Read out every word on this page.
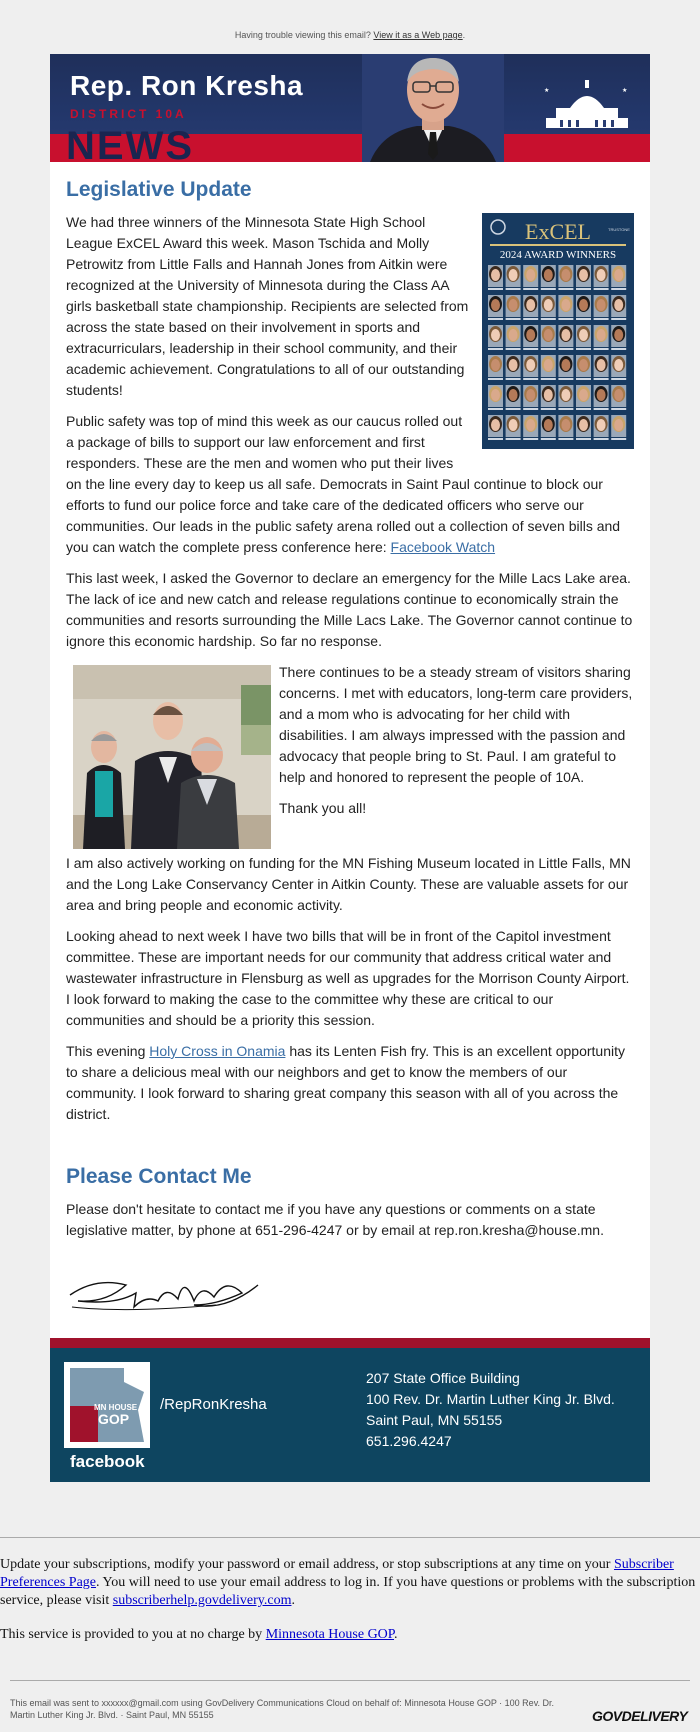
Having trouble viewing this email? View it as a Web page.
Rep. Ron Kresha
DISTRICT 10A
NEWS
★	★
Legislative Update
ExCEL	TRUSTONE
2024 AWARD WINNERS

We had three winners of the Minnesota State High School League ExCEL Award this week. Mason Tschida and Molly Petrowitz from Little Falls and Hannah Jones from Aitkin were recognized at the University of Minnesota during the Class AA girls basketball state championship. Recipients are selected from across the state based on their involvement in sports and extracurriculars, leadership in their school community, and their academic achievement. Congratulations to all of our outstanding students!

Public safety was top of mind this week as our caucus rolled out a package of bills to support our law enforcement and first responders. These are the men and women who put their lives on the line every day to keep us all safe. Democrats in Saint Paul continue to block our efforts to fund our police force and take care of the dedicated officers who serve our communities. Our leads in the public safety arena rolled out a collection of seven bills and you can watch the complete press conference here: Facebook Watch

This last week, I asked the Governor to declare an emergency for the Mille Lacs Lake area. The lack of ice and new catch and release regulations continue to economically strain the communities and resorts surrounding the Mille Lacs Lake. The Governor cannot continue to ignore this economic hardship. So far no response.

There continues to be a steady stream of visitors sharing concerns. I met with educators, long-term care providers, and a mom who is advocating for her child with disabilities. I am always impressed with the passion and advocacy that people bring to St. Paul. I am grateful to help and honored to represent the people of 10A.

Thank you all!

I am also actively working on funding for the MN Fishing Museum located in Little Falls, MN and the Long Lake Conservancy Center in Aitkin County. These are valuable assets for our area and bring people and economic activity.

Looking ahead to next week I have two bills that will be in front of the Capitol investment committee. These are important needs for our community that address critical water and wastewater infrastructure in Flensburg as well as upgrades for the Morrison County Airport. I look forward to making the case to the committee why these are critical to our communities and should be a priority this session.

This evening Holy Cross in Onamia has its Lenten Fish fry. This is an excellent opportunity to share a delicious meal with our neighbors and get to know the members of our community. I look forward to sharing great company this season with all of you across the district.

Please Contact Me

Please don't hesitate to contact me if you have any questions or comments on a state legislative matter, by phone at 651-296-4247 or by email at rep.ron.kresha@house.mn.

MN HOUSE
GOP
facebook
/RepRonKresha
207 State Office Building
100 Rev. Dr. Martin Luther King Jr. Blvd.
Saint Paul, MN 55155
651.296.4247

Update your subscriptions, modify your password or email address, or stop subscriptions at any time on your Subscriber Preferences Page. You will need to use your email address to log in. If you have questions or problems with the subscription service, please visit subscriberhelp.govdelivery.com.

This service is provided to you at no charge by Minnesota House GOP.

This email was sent to xxxxxx@gmail.com using GovDelivery Communications Cloud on behalf of: Minnesota House GOP · 100 Rev. Dr. Martin Luther King Jr. Blvd. · Saint Paul, MN 55155	GOVDELIVERY
